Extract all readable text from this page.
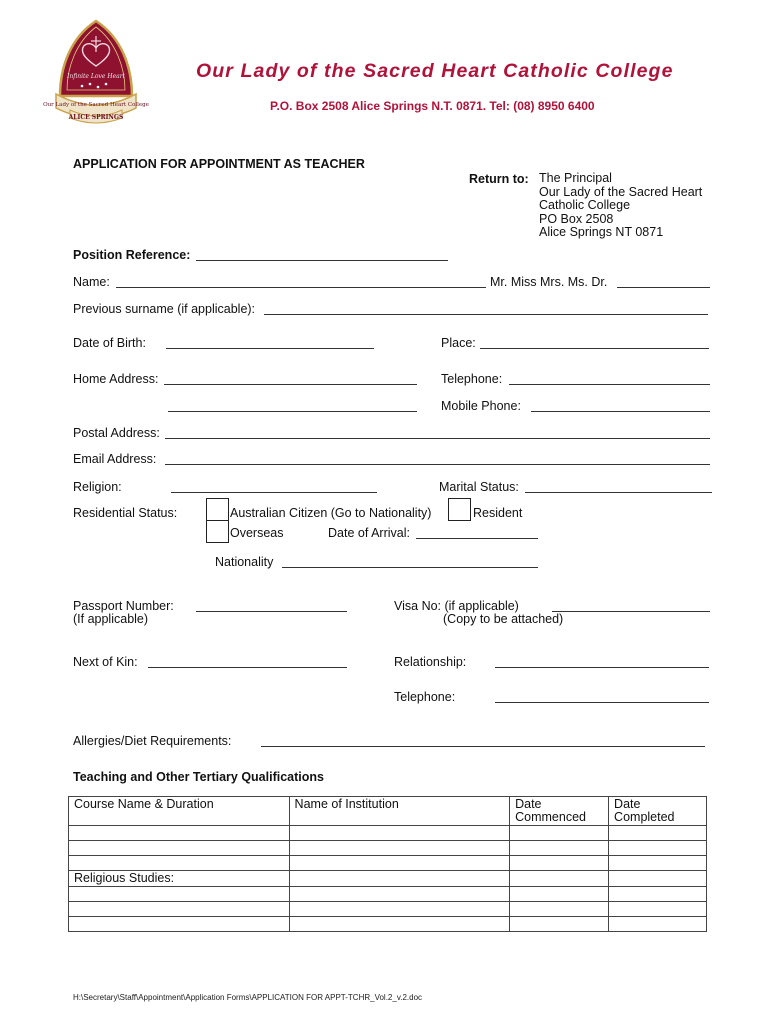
Infinite Love Heart
Our Lady of the Sacred Heart College
ALICE SPRINGS
Our Lady of the Sacred Heart Catholic College
P.O. Box 2508 Alice Springs N.T. 0871. Tel: (08) 8950 6400
APPLICATION FOR APPOINTMENT AS TEACHER
Return to: The Principal
Our Lady of the Sacred Heart
Catholic College
PO Box 2508
Alice Springs NT 0871
Position Reference:
Name:	Mr. Miss Mrs. Ms. Dr.
Previous surname (if applicable):
Date of Birth:	Place:
Home Address:	Telephone:
Mobile Phone:
Postal Address:
Email Address:
Religion:	Marital Status:
Residential Status:	Australian Citizen (Go to Nationality)	Resident
Overseas	Date of Arrival:
Nationality
Passport Number:
(If applicable)
Visa No: (if applicable)
(Copy to be attached)
Next of Kin:	Relationship:
Telephone:
Allergies/Diet Requirements:
Teaching and Other Tertiary Qualifications
Course Name & Duration	Name of Institution	Date Commenced	Date Completed

Religious Studies:			

H:\Secretary\Staff\Appointment\Application Forms\APPLICATION FOR APPT-TCHR_Vol.2_v.2.doc
